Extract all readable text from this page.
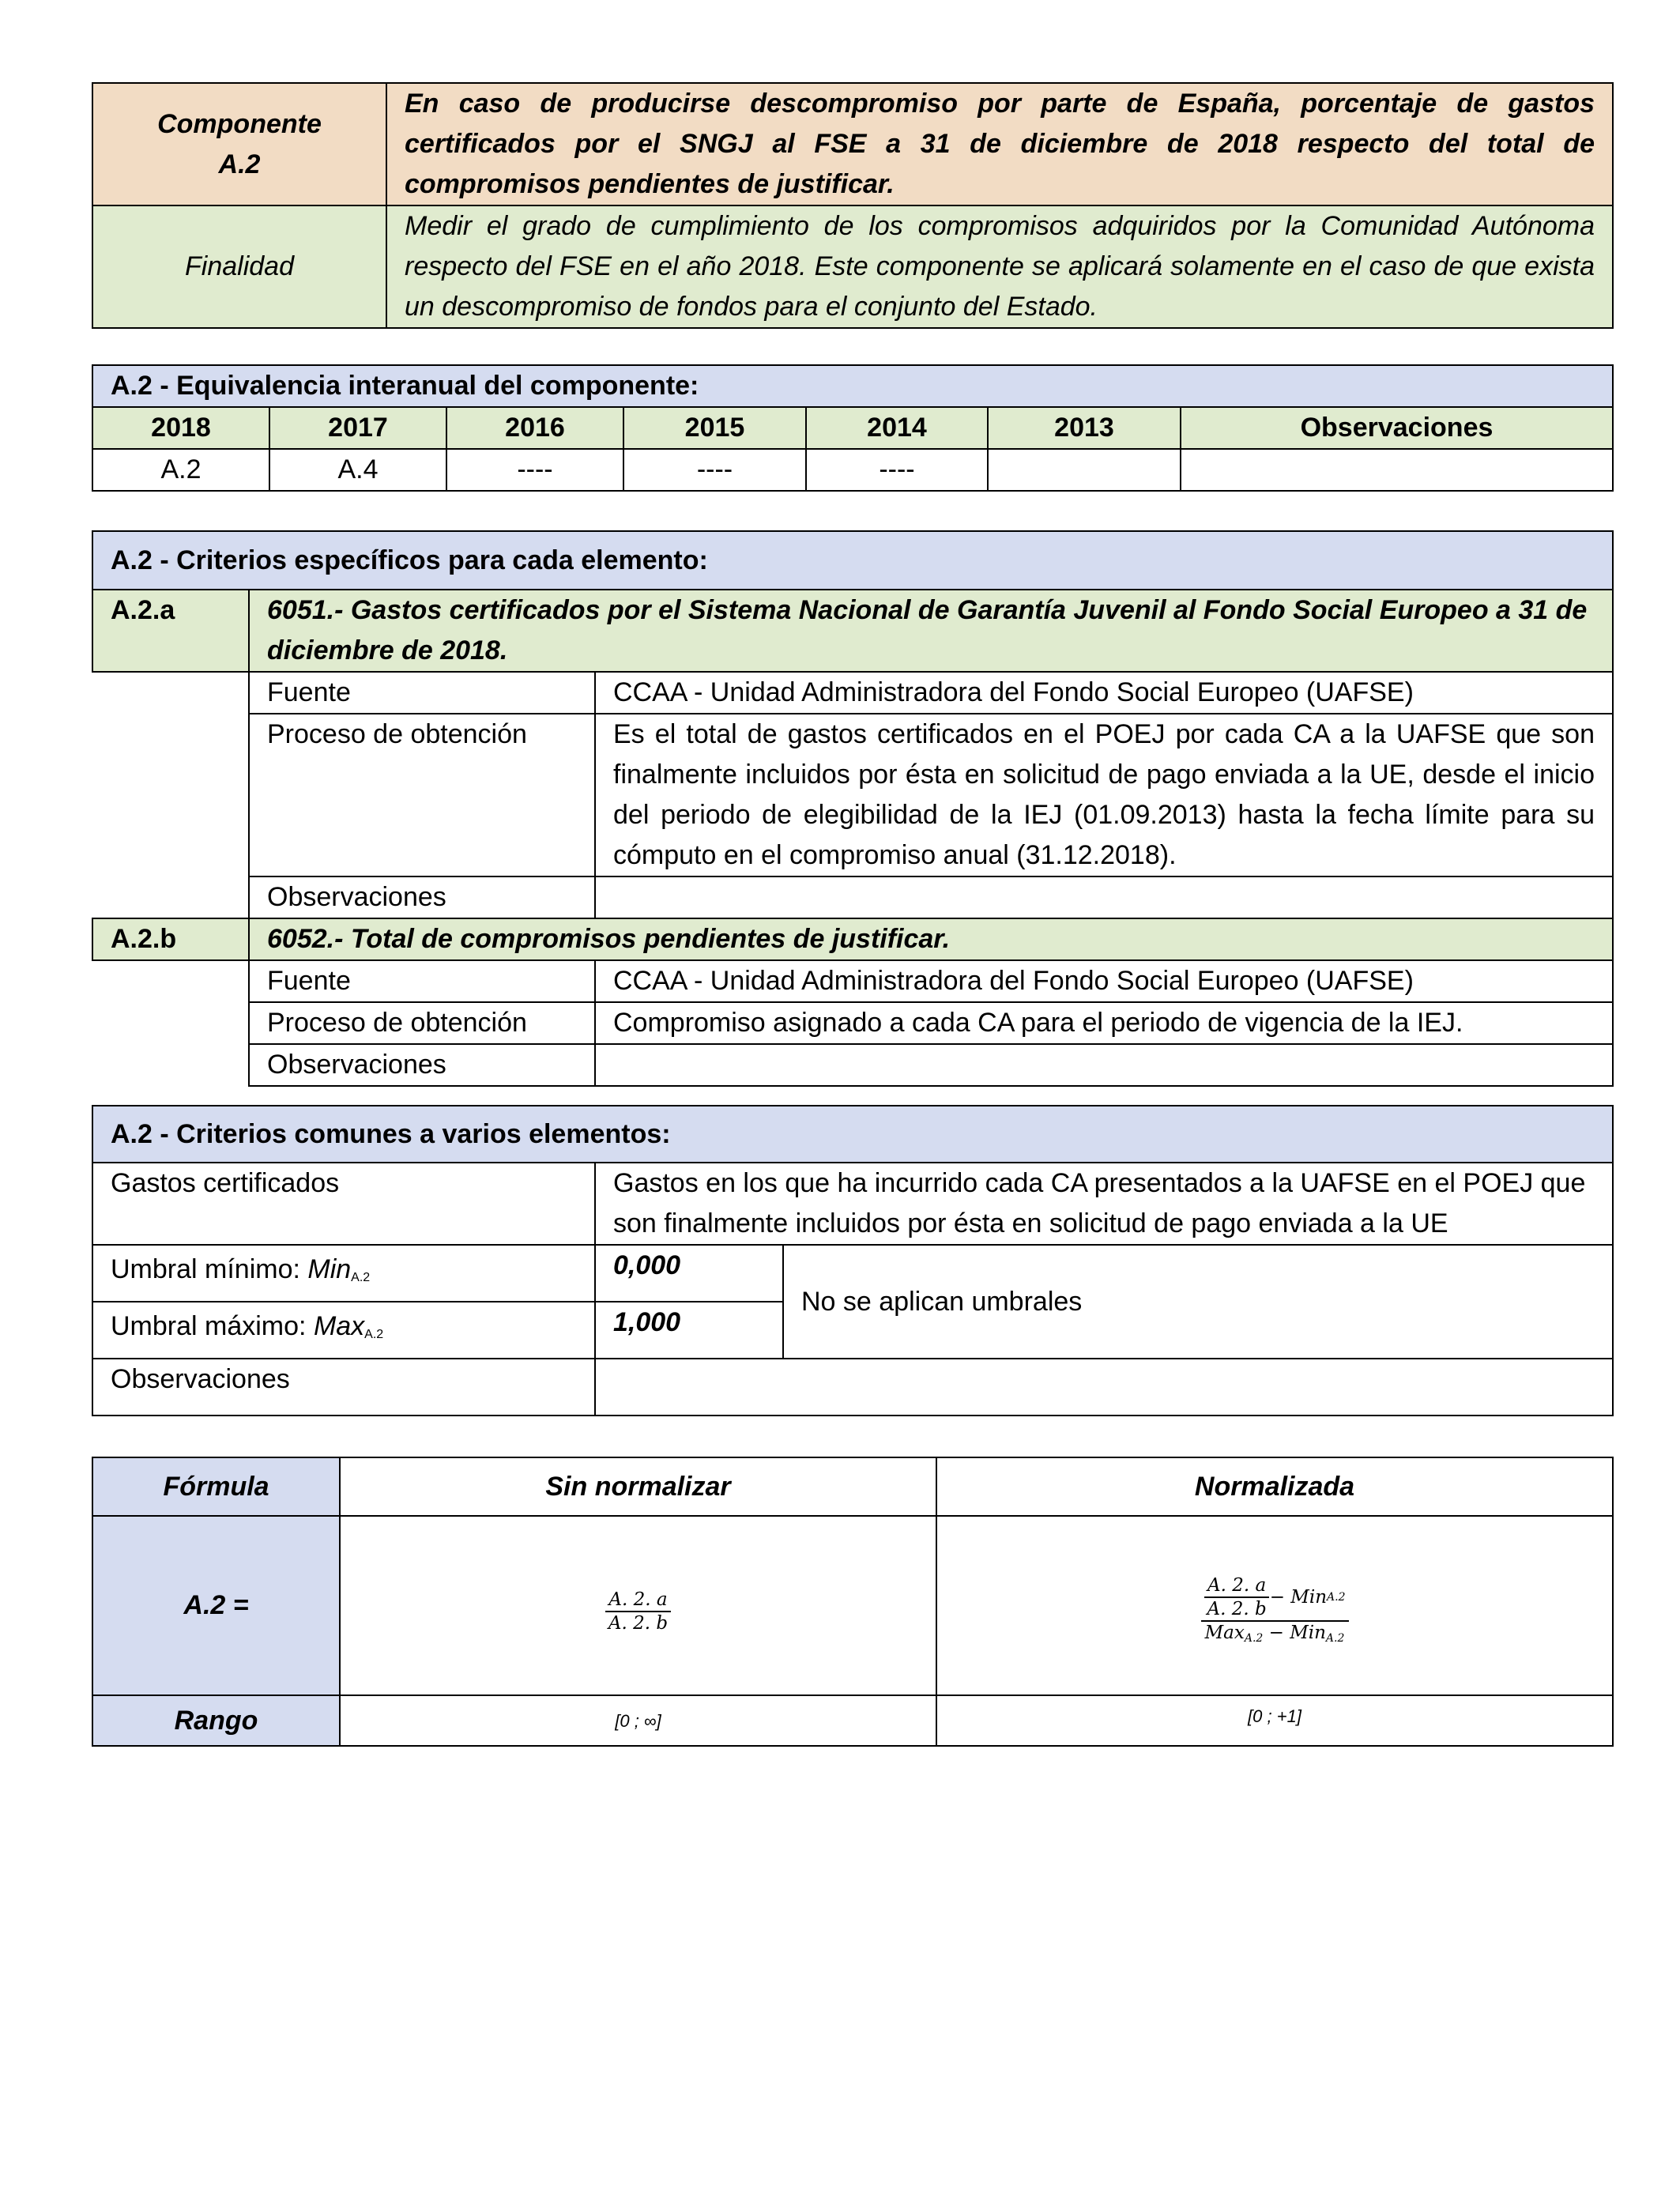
Componente
A.2	En caso de producirse descompromiso por parte de España, porcentaje de gastos certificados por el SNGJ al FSE a 31 de diciembre de 2018 respecto del total de compromisos pendientes de justificar.
Finalidad	Medir el grado de cumplimiento de los compromisos adquiridos por la Comunidad Autónoma respecto del FSE en el año 2018. Este componente se aplicará solamente en el caso de que exista un descompromiso de fondos para el conjunto del Estado.
A.2 - Equivalencia interanual del componente:						
2018	2017	2016	2015	2014	2013	Observaciones
A.2	A.4	----	----	----		
A.2 - Criterios específicos para cada elemento:		
A.2.a	6051.- Gastos certificados por el Sistema Nacional de Garantía Juvenil al Fondo Social Europeo a 31 de diciembre de 2018.	
	Fuente	CCAA - Unidad Administradora del Fondo Social Europeo (UAFSE)
	Proceso de obtención	Es el total de gastos certificados en el POEJ por cada CA a la UAFSE que son finalmente incluidos por ésta en solicitud de pago enviada a la UE, desde el inicio del periodo de elegibilidad de la IEJ (01.09.2013) hasta la fecha límite para su cómputo en el compromiso anual (31.12.2018).
	Observaciones	
A.2.b	6052.- Total de compromisos pendientes de justificar.	
	Fuente	CCAA - Unidad Administradora del Fondo Social Europeo (UAFSE)
	Proceso de obtención	Compromiso asignado a cada CA para el periodo de vigencia de la IEJ.
	Observaciones	
A.2 - Criterios comunes a varios elementos:		
Gastos certificados	Gastos en los que ha incurrido cada CA presentados a la UAFSE en el POEJ que son finalmente incluidos por ésta en solicitud de pago enviada a la UE	
Umbral mínimo: Min$_{A.2}$	0,000	No se aplican umbrales
Umbral máximo: Max$_{A.2}$	1,000	
Observaciones		
Fórmula	Sin normalizar	Normalizada
A.2 =	$\frac{A. 2. a}{A. 2. b}$	$\frac{\frac{A. 2. a}{A. 2. b} - Min A.2}{Max_{A.2} - Min_{A.2}}$

Rango	[0 ; ∞]	[0 ; +1]
